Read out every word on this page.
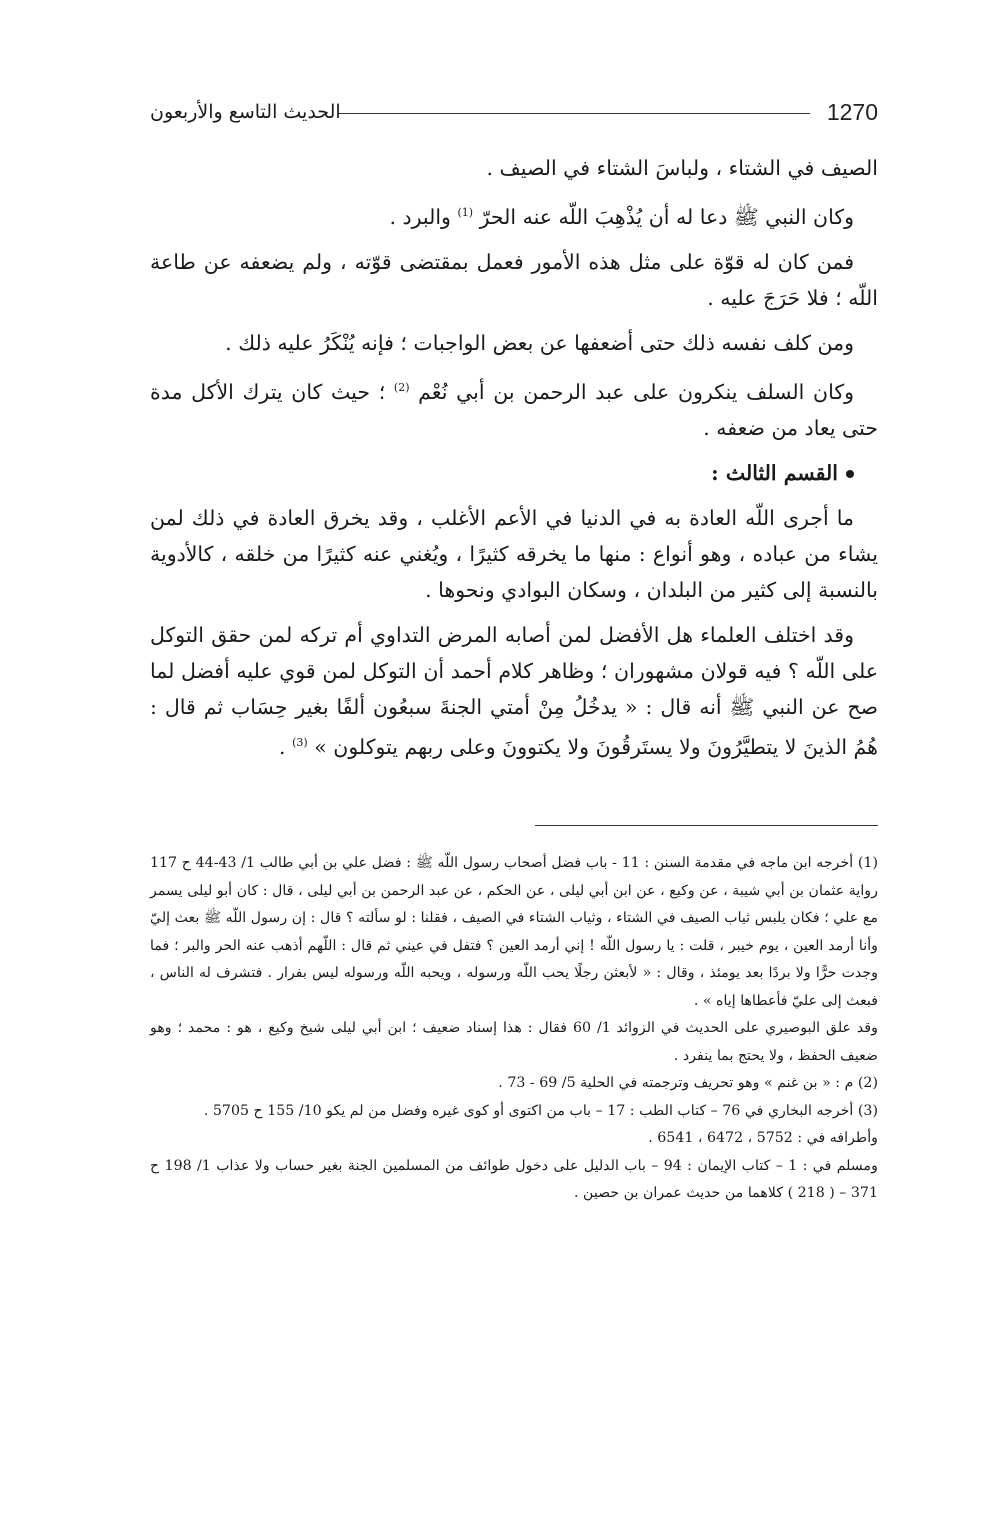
1270
الحديث التاسع والأربعون

الصيف في الشتاء ، ولباسَ الشتاء في الصيف .

وكان النبي ﷺ دعا له أن يُذْهِبَ اللّه عنه الحرّ $^{(1)}$ والبرد .

فمن كان له قوّة على مثل هذه الأمور فعمل بمقتضى قوّته ، ولم يضعفه عن طاعة اللّه ؛ فلا حَرَجَ عليه .

ومن كلف نفسه ذلك حتى أضعفها عن بعض الواجبات ؛ فإنه يُنْكَرُ عليه ذلك .

وكان السلف ينكرون على عبد الرحمن بن أبي نُعْم $^{(2)}$ ؛ حيث كان يترك الأكل مدة حتى يعاد من ضعفه .

القسم الثالث :

ما أجرى اللّه العادة به في الدنيا في الأعم الأغلب ، وقد يخرق العادة في ذلك لمن يشاء من عباده ، وهو أنواع : منها ما يخرقه كثيرًا ، ويُغني عنه كثيرًا من خلقه ، كالأدوية بالنسبة إلى كثير من البلدان ، وسكان البوادي ونحوها .

وقد اختلف العلماء هل الأفضل لمن أصابه المرض التداوي أم تركه لمن حقق التوكل على اللّه ؟ فيه قولان مشهوران ؛ وظاهر كلام أحمد أن التوكل لمن قوي عليه أفضل لما صح عن النبي ﷺ أنه قال : « يدخُلُ مِنْ أمتي الجنةَ سبعُون ألفًا بغير حِسَاب ثم قال : هُمُ الذينَ لا يتطيَّرُونَ ولا يستَرقُونَ ولا يكتوونَ وعلى ربهم يتوكلون » $^{(3)}$ .

(1) أخرجه ابن ماجه في مقدمة السنن : 11 - باب فضل أصحاب رسول اللّه ﷺ : فضل علي بن أبي طالب 1/ 43-44 ح 117 رواية عثمان بن أبي شيبة ، عن وكيع ، عن ابن أبي ليلى ، عن الحكم ، عن عبد الرحمن بن أبي ليلى ، قال : كان أبو ليلى يسمر مع علي ؛ فكان يلبس ثياب الصيف في الشتاء ، وثياب الشتاء في الصيف ، فقلنا : لو سألته ؟ قال : إن رسول اللّه ﷺ بعث إليّ وأنا أرمد العين ، يوم خيبر ، قلت : يا رسول اللّه ! إني أرمد العين ؟ فتفل في عيني ثم قال : اللّهم أذهب عنه الحر والبر ؛ فما وجدت حرًّا ولا بردًا بعد يومئذ ، وقال : « لأبعثن رجلًا يحب اللّه ورسوله ، ويحبه اللّه ورسوله ليس بفرار . فتشرف له الناس ، فبعث إلى عليّ فأعطاها إياه » .

وقد علق البوصيري على الحديث في الزوائد 1/ 60 فقال : هذا إسناد ضعيف ؛ ابن أبي ليلى شيخ وكيع ، هو : محمد ؛ وهو ضعيف الحفظ ، ولا يحتج بما ينفرد .

(2) م : « بن غنم » وهو تحريف وترجمته في الحلية 5/ 69 - 73 .

(3) أخرجه البخاري في 76 – كتاب الطب : 17 – باب من اكتوى أو كوى غيره وفضل من لم يكو 10/ 155 ح 5705 .

وأطرافه في : 5752 ، 6472 ، 6541 .

ومسلم في : 1 – كتاب الإيمان : 94 – باب الدليل على دخول طوائف من المسلمين الجنة بغير حساب ولا عذاب 1/ 198 ح 371 – ( 218 ) كلاهما من حديث عمران بن حصين .
